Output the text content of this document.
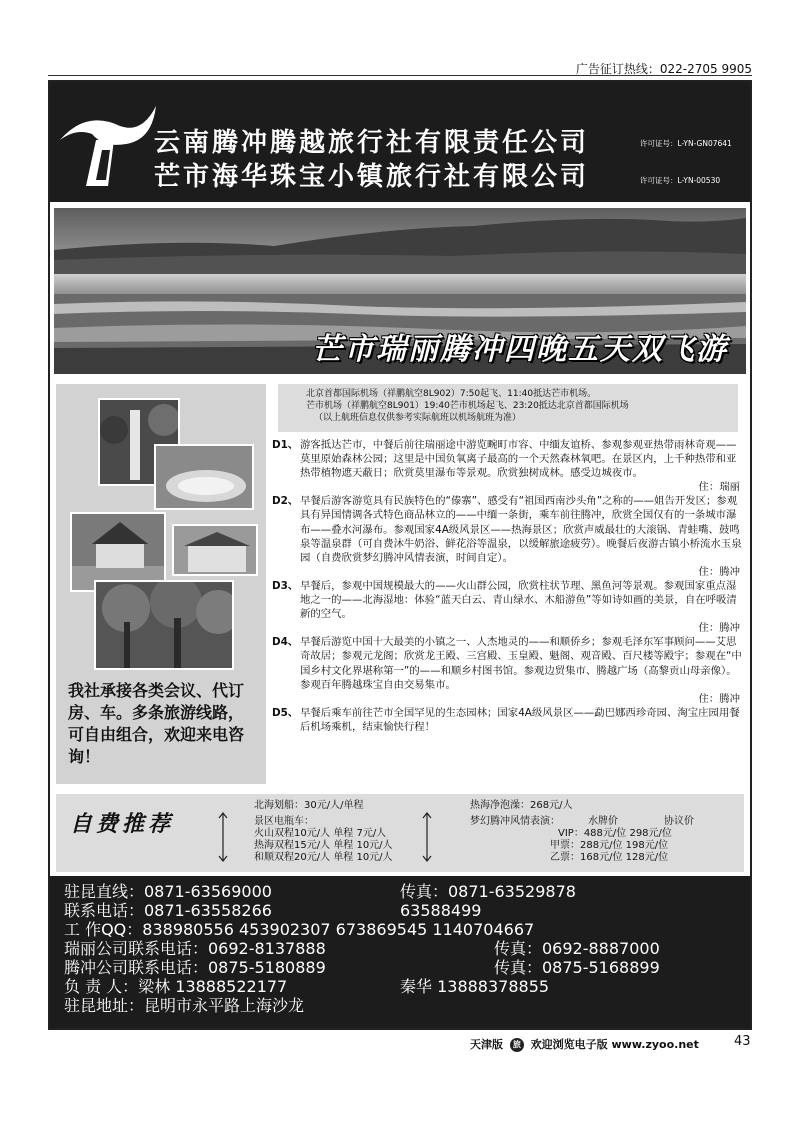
广告征订热线：022-2705 9905
云南腾冲腾越旅行社有限责任公司	许可证号：L-YN-GN07641
芒市海华珠宝小镇旅行社有限公司	许可证号：L-YN-00530
芒市瑞丽腾冲四晚五天双飞游
我社承接各类会议、代订房、车。多条旅游线路，可自由组合，欢迎来电咨询！
北京首都国际机场（祥鹏航空8L902）7:50起飞、11:40抵达芒市机场。
芒市机场（祥鹏航空8L901）19:40芒市机场起飞、23:20抵达北京首都国际机场
（以上航班信息仅供参考实际航班以机场航班为准）
D1、 游客抵达芒市，中餐后前往瑞丽途中游览畹町市容、中缅友谊桥、参观参观亚热带雨林奇观——莫里原始森林公园；这里是中国负氧离子最高的一个天然森林氧吧。在景区内，上千种热带和亚热带植物遮天蔽日；欣赏莫里瀑布等景观。欣赏独树成林。感受边城夜市。
住：瑞丽
D2、 早餐后游客游览具有民族特色的“傣寨”、感受有“祖国西南沙头角”之称的——姐告开发区；参观具有异国情调各式特色商品林立的——中缅一条街，乘车前往腾冲，欣赏全国仅有的一条城市瀑布——叠水河瀑布。参观国家4A级风景区——热海景区；欣赏声威最壮的大滚锅、青蛙嘴、鼓鸣泉等温泉群（可自费沐牛奶浴、鲜花浴等温泉，以缓解旅途疲劳）。晚餐后夜游古镇小桥流水玉泉园（自费欣赏梦幻腾冲风情表演，时间自定）。
住：腾冲
D3、 早餐后，参观中国规模最大的——火山群公园，欣赏柱状节理、黑鱼河等景观。参观国家重点湿地之一的——北海湿地：体验“蓝天白云、青山绿水、木船游鱼”等如诗如画的美景，自在呼吸清新的空气。
住：腾冲
D4、 早餐后游览中国十大最美的小镇之一、人杰地灵的——和顺侨乡；参观毛泽东军事顾问——艾思奇故居；参观元龙阁；欣赏龙王殿、三宫殿、玉皇殿、魁阁、观音殿、百尺楼等殿宇；参观在“中国乡村文化界堪称第一”的——和顺乡村图书馆。参观边贸集市、腾越广场（高黎贡山母亲像）。参观百年腾越珠宝自由交易集市。
住：腾冲
D5、 早餐后乘车前往芒市全国罕见的生态园林；国家4A级风景区——勐巴娜西珍奇园、淘宝庄园用餐后机场乘机，结束愉快行程！
自费推荐
北海划船：30元/人/单程
景区电瓶车：
火山双程10元/人 单程 7元/人
热海双程15元/人 单程 10元/人
和顺双程20元/人 单程 10元/人
热海净泡澡：268元/人
梦幻腾冲风情表演：	水牌价	协议价
VIP：488元/位 298元/位
甲票：288元/位 198元/位
乙票：168元/位 128元/位
驻昆直线：0871-63569000	传真：0871-63529878
联系电话：0871-63558266	63588499
工 作QQ：838980556 453902307 673869545 1140704667
瑞丽公司联系电话：0692-8137888	传真：0692-8887000
腾冲公司联系电话：0875-5180889	传真：0875-5168899
负 责 人：梁林 13888522177	秦华 13888378855
驻昆地址：昆明市永平路上海沙龙
天津版 旅 欢迎浏览电子版 www.zyoo.net	43
